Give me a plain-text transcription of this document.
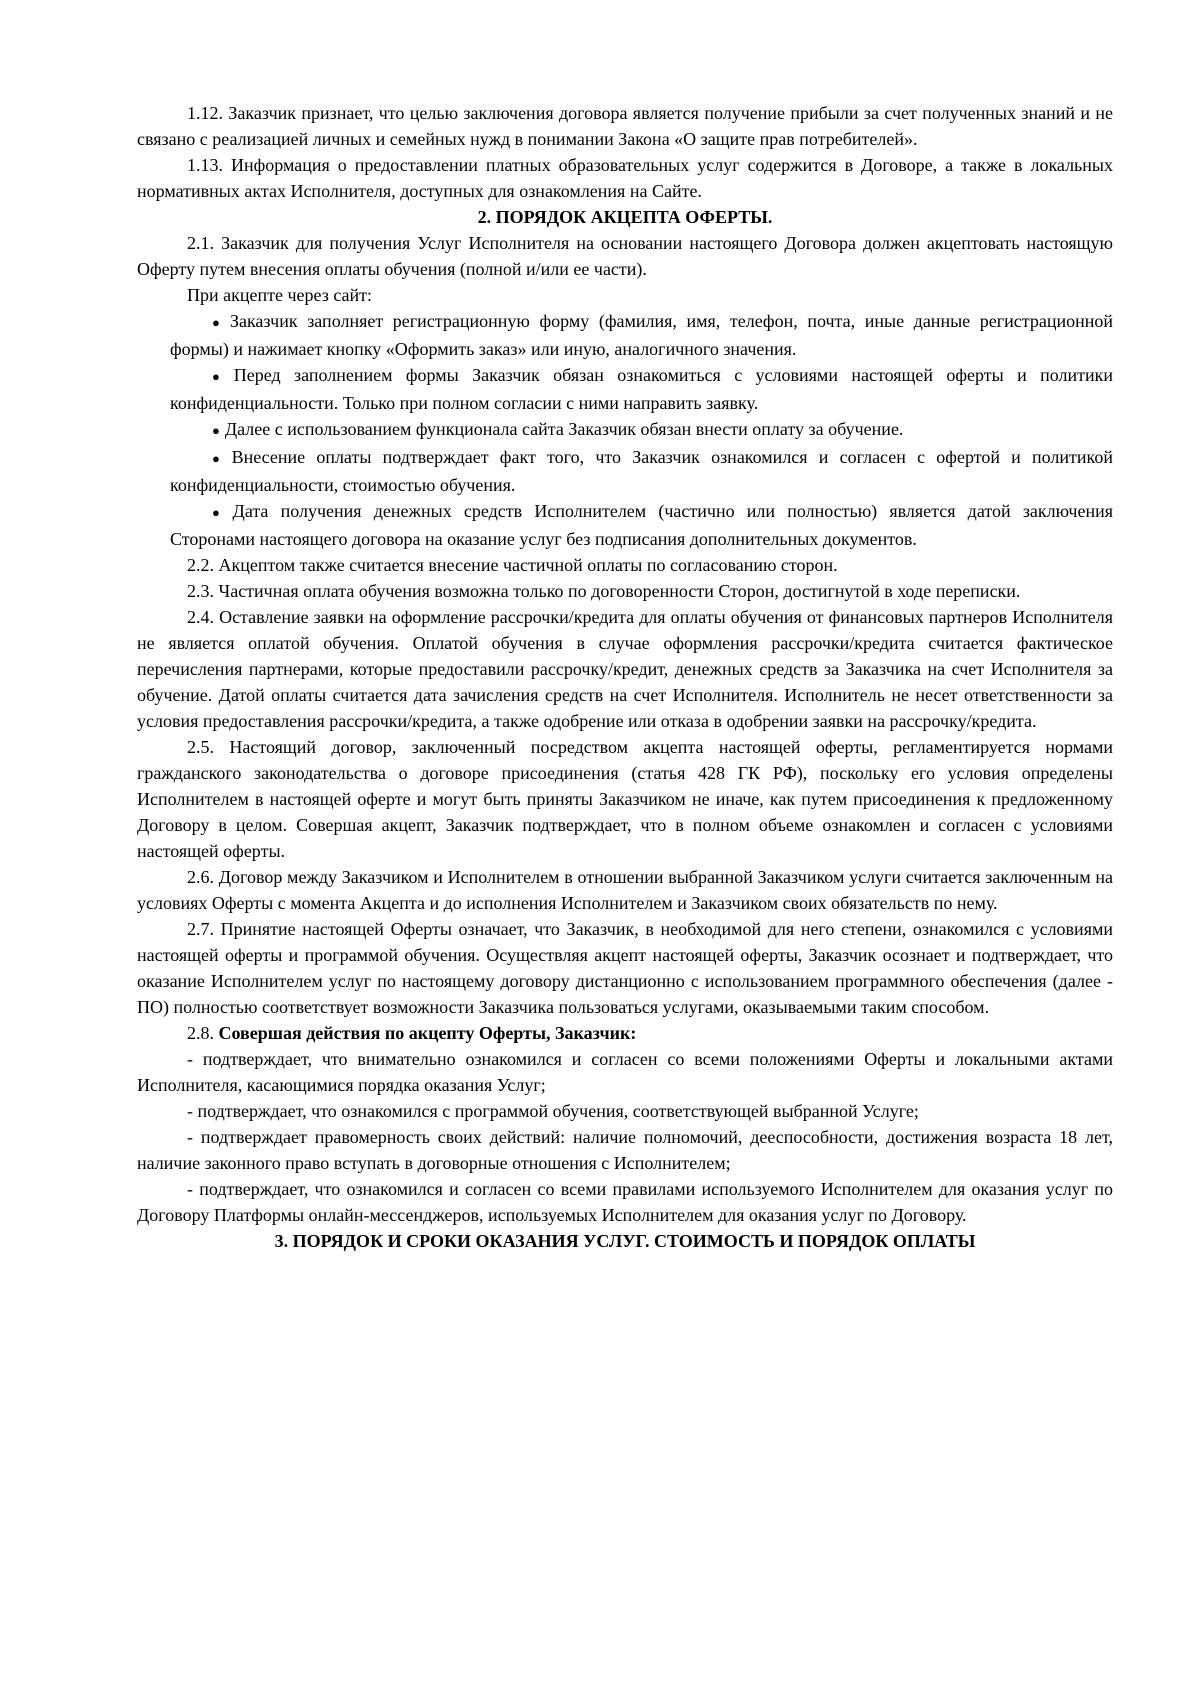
1.12. Заказчик признает, что целью заключения договора является получение прибыли за счет полученных знаний и не связано с реализацией личных и семейных нужд в понимании Закона «О защите прав потребителей».

1.13. Информация о предоставлении платных образовательных услуг содержится в Договоре, а также в локальных нормативных актах Исполнителя, доступных для ознакомления на Сайте.

2. ПОРЯДОК АКЦЕПТА ОФЕРТЫ.

2.1. Заказчик для получения Услуг Исполнителя на основании настоящего Договора должен акцептовать настоящую Оферту путем внесения оплаты обучения (полной и/или ее части).

При акцепте через сайт:

● Заказчик заполняет регистрационную форму (фамилия, имя, телефон, почта, иные данные регистрационной формы) и нажимает кнопку «Оформить заказ» или иную, аналогичного значения.
● Перед заполнением формы Заказчик обязан ознакомиться с условиями настоящей оферты и политики конфиденциальности. Только при полном согласии с ними направить заявку.
● Далее с использованием функционала сайта Заказчик обязан внести оплату за обучение.
● Внесение оплаты подтверждает факт того, что Заказчик ознакомился и согласен с офертой и политикой конфиденциальности, стоимостью обучения.
● Дата получения денежных средств Исполнителем (частично или полностью) является датой заключения Сторонами настоящего договора на оказание услуг без подписания дополнительных документов.

2.2. Акцептом также считается внесение частичной оплаты по согласованию сторон.

2.3. Частичная оплата обучения возможна только по договоренности Сторон, достигнутой в ходе переписки.

2.4. Оставление заявки на оформление рассрочки/кредита для оплаты обучения от финансовых партнеров Исполнителя не является оплатой обучения. Оплатой обучения в случае оформления рассрочки/кредита считается фактическое перечисления партнерами, которые предоставили рассрочку/кредит, денежных средств за Заказчика на счет Исполнителя за обучение. Датой оплаты считается дата зачисления средств на счет Исполнителя. Исполнитель не несет ответственности за условия предоставления рассрочки/кредита, а также одобрение или отказа в одобрении заявки на рассрочку/кредита.

2.5. Настоящий договор, заключенный посредством акцепта настоящей оферты, регламентируется нормами гражданского законодательства о договоре присоединения (статья 428 ГК РФ), поскольку его условия определены Исполнителем в настоящей оферте и могут быть приняты Заказчиком не иначе, как путем присоединения к предложенному Договору в целом. Совершая акцепт, Заказчик подтверждает, что в полном объеме ознакомлен и согласен с условиями настоящей оферты.

2.6. Договор между Заказчиком и Исполнителем в отношении выбранной Заказчиком услуги считается заключенным на условиях Оферты с момента Акцепта и до исполнения Исполнителем и Заказчиком своих обязательств по нему.

2.7. Принятие настоящей Оферты означает, что Заказчик, в необходимой для него степени, ознакомился с условиями настоящей оферты и программой обучения. Осуществляя акцепт настоящей оферты, Заказчик осознает и подтверждает, что оказание Исполнителем услуг по настоящему договору дистанционно с использованием программного обеспечения (далее - ПО) полностью соответствует возможности Заказчика пользоваться услугами, оказываемыми таким способом.

2.8. Совершая действия по акцепту Оферты, Заказчик:

- подтверждает, что внимательно ознакомился и согласен со всеми положениями Оферты и локальными актами Исполнителя, касающимися порядка оказания Услуг;

- подтверждает, что ознакомился с программой обучения, соответствующей выбранной Услуге;

- подтверждает правомерность своих действий: наличие полномочий, дееспособности, достижения возраста 18 лет, наличие законного право вступать в договорные отношения с Исполнителем;

- подтверждает, что ознакомился и согласен со всеми правилами используемого Исполнителем для оказания услуг по Договору Платформы онлайн-мессенджеров, используемых Исполнителем для оказания услуг по Договору.

3. ПОРЯДОК И СРОКИ ОКАЗАНИЯ УСЛУГ. СТОИМОСТЬ И ПОРЯДОК ОПЛАТЫ
